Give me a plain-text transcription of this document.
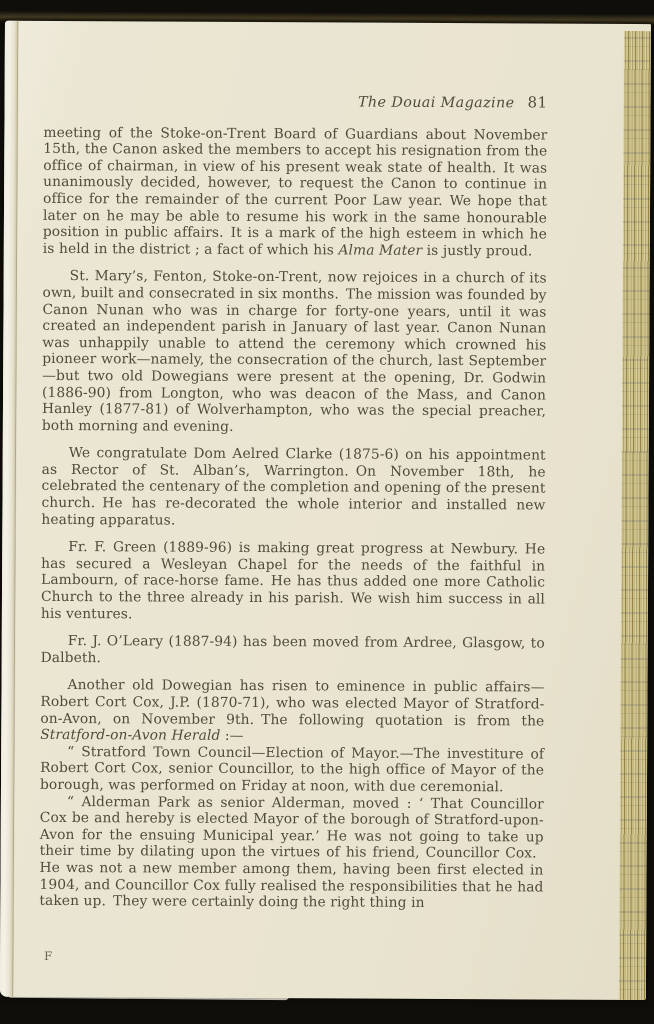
The Douai Magazine 81

meeting of the Stoke-on-Trent Board of Guardians about November 15th, the Canon asked the members to accept his resignation from the office of chairman, in view of his present weak state of health. It was unanimously decided, however, to request the Canon to continue in office for the remainder of the current Poor Law year. We hope that later on he may be able to resume his work in the same honourable position in public affairs. It is a mark of the high esteem in which he is held in the district ; a fact of which his Alma Mater is justly proud.

St. Mary’s, Fenton, Stoke-on-Trent, now rejoices in a church of its own, built and consecrated in six months. The mission was founded by Canon Nunan who was in charge for forty-one years, until it was created an independent parish in January of last year. Canon Nunan was unhappily unable to attend the ceremony which crowned his pioneer work—namely, the consecration of the church, last September—but two old Dowegians were present at the opening, Dr. Godwin (1886-90) from Longton, who was deacon of the Mass, and Canon Hanley (1877-81) of Wolverhampton, who was the special preacher, both morning and evening.

We congratulate Dom Aelred Clarke (1875-6) on his appointment as Rector of St. Alban’s, Warrington. On November 18th, he celebrated the centenary of the completion and opening of the present church. He has re-decorated the whole interior and installed new heating apparatus.

Fr. F. Green (1889-96) is making great progress at Newbury. He has secured a Wesleyan Chapel for the needs of the faithful in Lambourn, of race-horse fame. He has thus added one more Catholic Church to the three already in his parish. We wish him success in all his ventures.

Fr. J. O’Leary (1887-94) has been moved from Ardree, Glasgow, to Dalbeth.

Another old Dowegian has risen to eminence in public affairs—Robert Cort Cox, J.P. (1870-71), who was elected Mayor of Stratford-on-Avon, on November 9th. The following quotation is from the Stratford-on-Avon Herald :—

“ Stratford Town Council—Election of Mayor.—The investiture of Robert Cort Cox, senior Councillor, to the high office of Mayor of the borough, was performed on Friday at noon, with due ceremonial.

“ Alderman Park as senior Alderman, moved : ‘ That Councillor Cox be and hereby is elected Mayor of the borough of Stratford-upon-Avon for the ensuing Municipal year.’ He was not going to take up their time by dilating upon the virtues of his friend, Councillor Cox. He was not a new member among them, having been first elected in 1904, and Councillor Cox fully realised the responsibilities that he had taken up. They were certainly doing the right thing in

F
